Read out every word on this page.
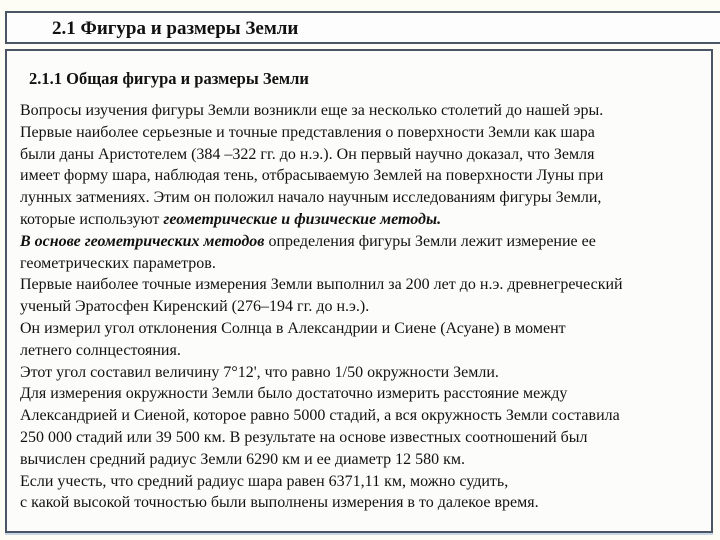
2.1 Фигура и размеры Земли
2.1.1 Общая фигура и размеры Земли
Вопросы изучения фигуры Земли возникли еще за несколько столетий до нашей эры.
Первые наиболее серьезные и точные представления о поверхности Земли как шара
были даны Аристотелем (384 –322 гг. до н.э.). Он первый научно доказал, что Земля
имеет форму шара, наблюдая тень, отбрасываемую Землей на поверхности Луны при
лунных затмениях. Этим он положил начало научным исследованиям фигуры Земли,
которые используют геометрические и физические методы.
В основе геометрических методов определения фигуры Земли лежит измерение ее
геометрических параметров.
Первые наиболее точные измерения Земли выполнил за 200 лет до н.э. древнегреческий
ученый Эратосфен Киренский (276–194 гг. до н.э.).
Он измерил угол отклонения Солнца в Александрии и Сиене (Асуане) в момент
летнего солнцестояния.
Этот угол составил величину 7°12', что равно 1/50 окружности Земли.
Для измерения окружности Земли было достаточно измерить расстояние между
Александрией и Сиеной, которое равно 5000 стадий, а вся окружность Земли составила
250 000 стадий или 39 500 км. В результате на основе известных соотношений был
вычислен средний радиус Земли 6290 км и ее диаметр 12 580 км.
Если учесть, что средний радиус шара равен 6371,11 км, можно судить,
с какой высокой точностью были выполнены измерения в то далекое время.
